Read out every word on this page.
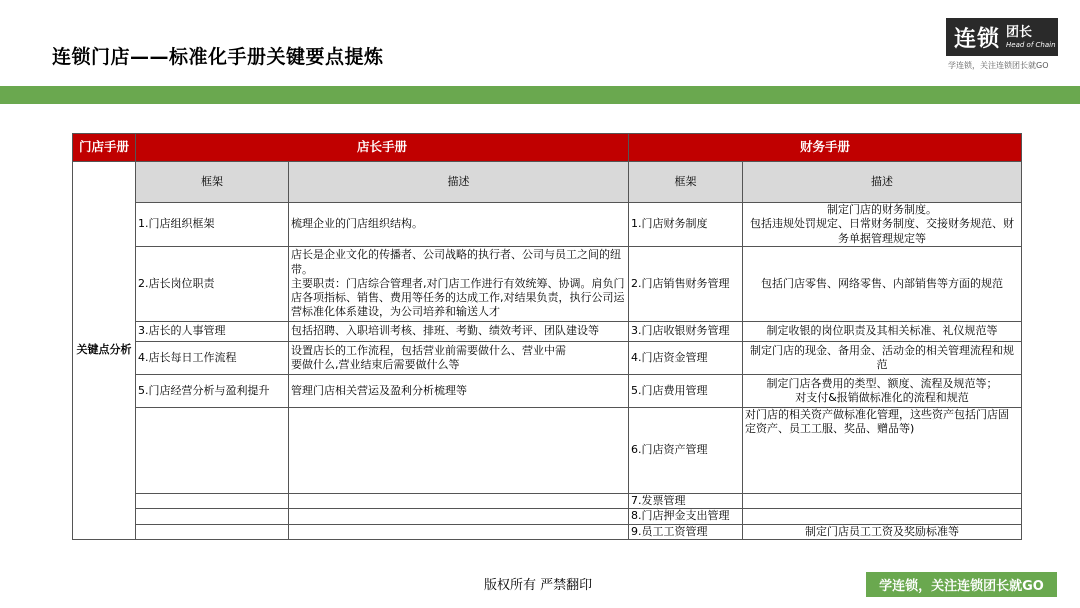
连锁门店——标准化手册关键要点提炼
连锁 团长
Head of Chain
学连锁，关注连锁团长就GO
门店手册	店长手册		财务手册	
关键点分析	框架	描述	框架	描述
	1.门店组织框架	梳理企业的门店组织结构。	1.门店财务制度	制定门店的财务制度。
包括违规处罚规定、日常财务制度、交接财务规范、财务单据管理规定等
	2.店长岗位职责	店长是企业文化的传播者、公司战略的执行者、公司与员工之间的纽带。
主要职责：门店综合管理者,对门店工作进行有效统筹、协调。肩负门店各项指标、销售、费用等任务的达成工作,对结果负责，执行公司运营标准化体系建设，为公司培养和输送人才	2.门店销售财务管理	包括门店零售、网络零售、内部销售等方面的规范
	3.店长的人事管理	包括招聘、入职培训考核、排班、考勤、绩效考评、团队建设等	3.门店收银财务管理	制定收银的岗位职责及其相关标准、礼仪规范等
	4.店长每日工作流程	设置店长的工作流程，包括营业前需要做什么、营业中需
要做什么,营业结束后需要做什么等	4.门店资金管理	制定门店的现金、备用金、活动金的相关管理流程和规范
	5.门店经营分析与盈利提升	管理门店相关营运及盈利分析梳理等	5.门店费用管理	制定门店各费用的类型、额度、流程及规范等；
对支付&报销做标准化的流程和规范
			6.门店资产管理	对门店的相关资产做标准化管理，这些资产包括门店固定资产、员工工服、奖品、赠品等)
			7.发票管理	
			8.门店押金支出管理	
			9.员工工资管理	制定门店员工工资及奖励标准等
版权所有 严禁翻印	学连锁，关注连锁团长就GO
